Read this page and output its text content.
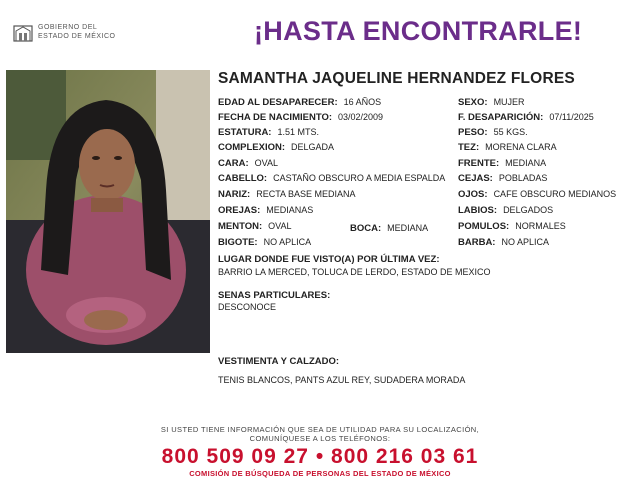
GOBIERNO DEL
ESTADO DE MÉXICO	¡HASTA ENCONTRARLE!
SAMANTHA JAQUELINE HERNANDEZ FLORES
EDAD AL DESAPARECER: 16 AÑOS
FECHA DE NACIMIENTO: 03/02/2009
ESTATURA: 1.51 MTS.
COMPLEXION: DELGADA
CARA: OVAL
CABELLO: CASTAÑO OBSCURO A MEDIA ESPALDA
NARIZ: RECTA BASE MEDIANA
OREJAS: MEDIANAS
MENTON: OVAL	BOCA: MEDIANA
BIGOTE: NO APLICA
SEXO: MUJER
F. DESAPARICIÓN: 07/11/2025
PESO: 55 KGS.
TEZ: MORENA CLARA
FRENTE: MEDIANA
CEJAS: POBLADAS
OJOS: CAFE OBSCURO MEDIANOS
LABIOS: DELGADOS
POMULOS: NORMALES
BARBA: NO APLICA
LUGAR DONDE FUE VISTO(A) POR ÚLTIMA VEZ:
BARRIO LA MERCED, TOLUCA DE LERDO, ESTADO DE MEXICO
SENAS PARTICULARES:
DESCONOCE
VESTIMENTA Y CALZADO:
TENIS BLANCOS, PANTS AZUL REY, SUDADERA MORADA
SI USTED TIENE INFORMACIÓN QUE SEA DE UTILIDAD PARA SU LOCALIZACIÓN,
COMUNÍQUESE A LOS TELÉFONOS:
800 509 09 27 • 800 216 03 61
COMISIÓN DE BÚSQUEDA DE PERSONAS DEL ESTADO DE MÉXICO
